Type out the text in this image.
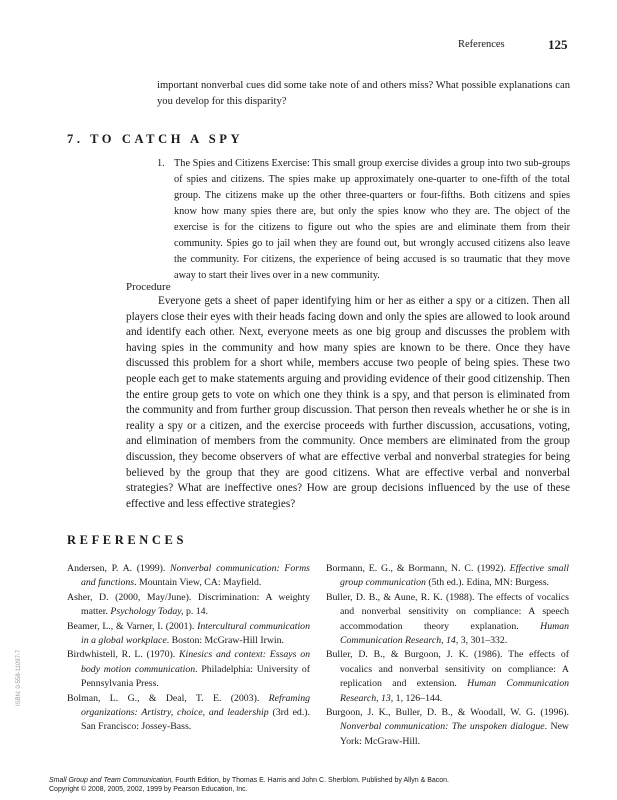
References	125
important nonverbal cues did some take note of and others miss? What possible explanations can you develop for this disparity?
7. TO CATCH A SPY
1. The Spies and Citizens Exercise: This small group exercise divides a group into two sub-groups of spies and citizens. The spies make up approximately one-quarter to one-fifth of the total group. The citizens make up the other three-quarters or four-fifths. Both citizens and spies know how many spies there are, but only the spies know who they are. The object of the exercise is for the citizens to figure out who the spies are and eliminate them from their community. Spies go to jail when they are found out, but wrongly accused citizens also leave the community. For citizens, the experience of being accused is so traumatic that they move away to start their lives over in a new community.
Procedure
Everyone gets a sheet of paper identifying him or her as either a spy or a citizen. Then all players close their eyes with their heads facing down and only the spies are allowed to look around and identify each other. Next, everyone meets as one big group and discusses the problem with having spies in the community and how many spies are known to be there. Once they have discussed this problem for a short while, members accuse two people of being spies. These two people each get to make statements arguing and providing evidence of their good citizenship. Then the entire group gets to vote on which one they think is a spy, and that person is eliminated from the community and from further group discussion. That person then reveals whether he or she is in reality a spy or a citizen, and the exercise proceeds with further discussion, accusations, voting, and elimination of members from the community. Once members are eliminated from the group discussion, they become observers of what are effective verbal and nonverbal strategies for being believed by the group that they are good citizens. What are effective verbal and nonverbal strategies? What are ineffective ones? How are group decisions influenced by the use of these effective and less effective strategies?
REFERENCES
Andersen, P. A. (1999). Nonverbal communication: Forms and functions. Mountain View, CA: Mayfield.
Asher, D. (2000, May/June). Discrimination: A weighty matter. Psychology Today, p. 14.
Beamer, L., & Varner, I. (2001). Intercultural communication in a global workplace. Boston: McGraw-Hill Irwin.
Birdwhistell, R. L. (1970). Kinesics and context: Essays on body motion communication. Philadelphia: University of Pennsylvania Press.
Bolman, L. G., & Deal, T. E. (2003). Reframing organizations: Artistry, choice, and leadership (3rd ed.). San Francisco: Jossey-Bass.
Bormann, E. G., & Bormann, N. C. (1992). Effective small group communication (5th ed.). Edina, MN: Burgess.
Buller, D. B., & Aune, R. K. (1988). The effects of vocalics and nonverbal sensitivity on compliance: A speech accommodation theory explanation. Human Communication Research, 14, 3, 301–332.
Buller, D. B., & Burgoon, J. K. (1986). The effects of vocalics and nonverbal sensitivity on compliance: A replication and extension. Human Communication Research, 13, 1, 126–144.
Burgoon, J. K., Buller, D. B., & Woodall, W. G. (1996). Nonverbal communication: The unspoken dialogue. New York: McGraw-Hill.
ISBN: 0-558-11097-7
Small Group and Team Communication, Fourth Edition, by Thomas E. Harris and John C. Sherblom. Published by Allyn & Bacon.
Copyright © 2008, 2005, 2002, 1999 by Pearson Education, Inc.
